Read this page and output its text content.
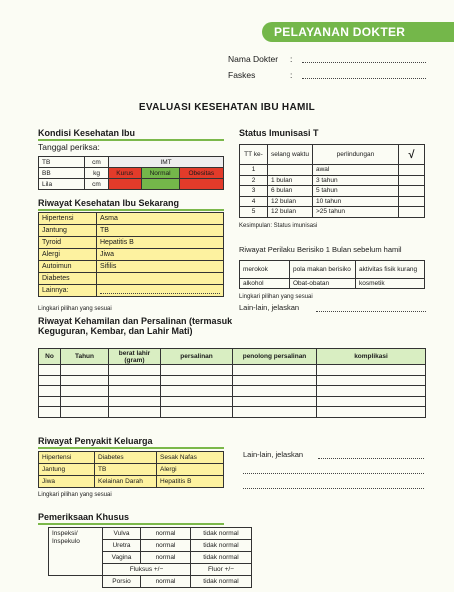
PELAYANAN DOKTER
Nama Dokter :
Faskes	:
EVALUASI KESEHATAN IBU HAMIL
Kondisi Kesehatan Ibu
Tanggal periksa:
TB	cm	IMT		
BB	kg	Kurus	Normal	Obesitas
Lila	cm			
Riwayat Kesehatan Ibu Sekarang
Hipertensi	Asma
Jantung	TB
Tyroid	Hepatitis B
Alergi	Jiwa
Autoimun	Sifilis
Diabetes	
Lainnya:	
Lingkari pilihan yang sesuai
Status Imunisasi T
TT ke-	selang waktu	perlindungan	√
1		awal	
2	1 bulan	3 tahun	
3	6 bulan	5 tahun	
4	12 bulan	10 tahun	
5	12 bulan	>25 tahun	
Kesimpulan: Status imunisasi
Riwayat Perilaku Berisiko 1 Bulan sebelum hamil
merokok	pola makan berisiko	aktivitas fisik kurang
alkohol	Obat-obatan	kosmetik
Lingkari pilihan yang sesuai
Lain-lain, jelaskan
Riwayat Kehamilan dan Persalinan (termasuk Keguguran, Kembar, dan Lahir Mati)
No	Tahun	berat lahir (gram)	persalinan	penolong persalinan	komplikasi

Riwayat Penyakit Keluarga
Hipertensi	Diabetes	Sesak Nafas
Jantung	TB	Alergi
Jiwa	Kelainan Darah	Hepatitis B
Lingkari pilihan yang sesuai
Lain-lain, jelaskan
Pemeriksaan Khusus
Inspeksi/ Inspekulo	Vulva	normal	tidak normal
	Uretra	normal	tidak normal
	Vagina	normal	tidak normal
	Fluksus +/−		Fluor +/−
	Porsio	normal	tidak normal
